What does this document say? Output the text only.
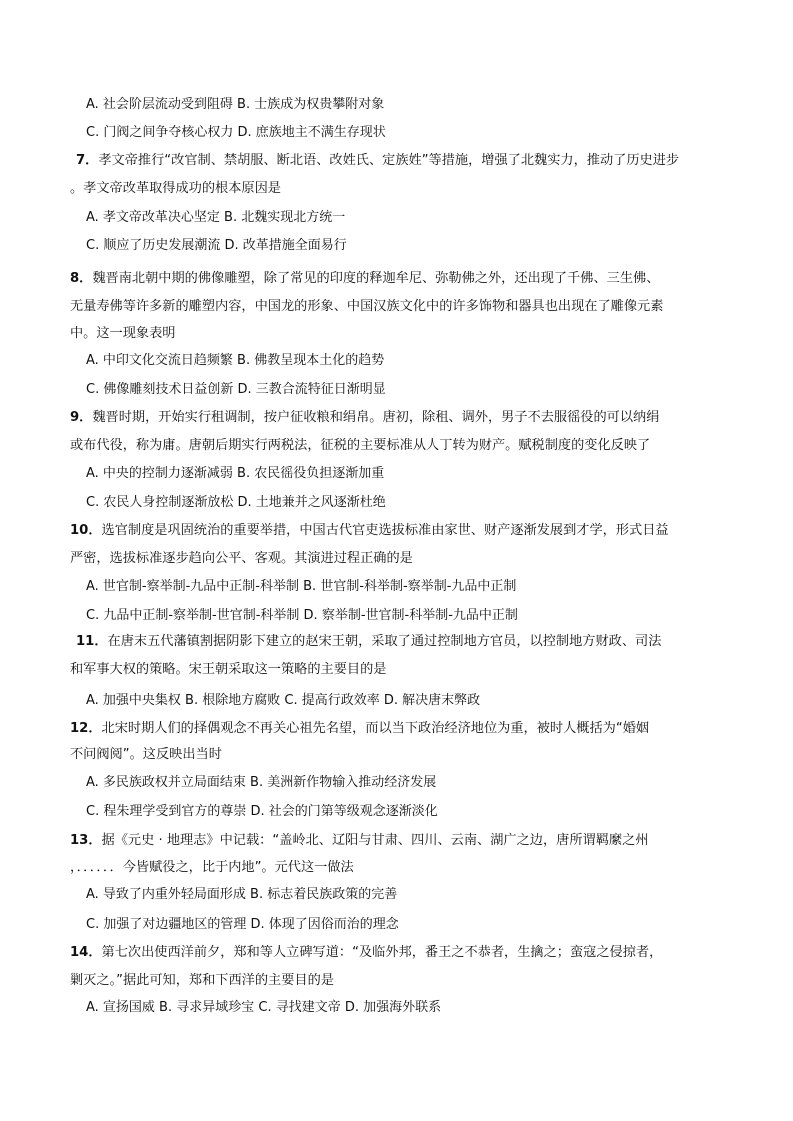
A. 社会阶层流动受到阻碍 B. 士族成为权贵攀附对象
C. 门阀之间争夺核心权力 D. 庶族地主不满生存现状
7．孝文帝推行“改官制、禁胡服、断北语、改姓氏、定族姓”等措施，增强了北魏实力，推动了历史进步
。孝文帝改革取得成功的根本原因是
A. 孝文帝改革决心坚定 B. 北魏实现北方统一
C. 顺应了历史发展潮流 D. 改革措施全面易行
8．魏晋南北朝中期的佛像雕塑，除了常见的印度的释迦牟尼、弥勒佛之外，还出现了千佛、三生佛、
无量寿佛等许多新的雕塑内容，中国龙的形象、中国汉族文化中的许多饰物和器具也出现在了雕像元素
中。这一现象表明
A. 中印文化交流日趋频繁 B. 佛教呈现本土化的趋势
C. 佛像雕刻技术日益创新 D. 三教合流特征日渐明显
9．魏晋时期，开始实行租调制，按户征收粮和绢帛。唐初，除租、调外，男子不去服徭役的可以纳绢
或布代役，称为庸。唐朝后期实行两税法，征税的主要标准从人丁转为财产。赋税制度的变化反映了
A. 中央的控制力逐渐减弱 B. 农民徭役负担逐渐加重
C. 农民人身控制逐渐放松 D. 土地兼并之风逐渐杜绝
10．选官制度是巩固统治的重要举措，中国古代官吏选拔标准由家世、财产逐渐发展到才学，形式日益
严密，选拔标准逐步趋向公平、客观。其演进过程正确的是
A. 世官制-察举制-九品中正制-科举制 B. 世官制-科举制-察举制-九品中正制
C. 九品中正制-察举制-世官制-科举制 D. 察举制-世官制-科举制-九品中正制
11．在唐末五代藩镇割据阴影下建立的赵宋王朝，采取了通过控制地方官员，以控制地方财政、司法
和军事大权的策略。宋王朝采取这一策略的主要目的是
A. 加强中央集权 B. 根除地方腐败 C. 提高行政效率 D. 解决唐末弊政
12．北宋时期人们的择偶观念不再关心祖先名望，而以当下政治经济地位为重，被时人概括为“婚姻
不问阀阅”。这反映出当时
A. 多民族政权并立局面结束 B. 美洲新作物输入推动经济发展
C. 程朱理学受到官方的尊崇 D. 社会的门第等级观念逐渐淡化
13．据《元史 · 地理志》中记载：“盖岭北、辽阳与甘肃、四川、云南、湖广之边，唐所谓羁縻之州
，．．．．．．今皆赋役之，比于内地”。元代这一做法
A. 导致了内重外轻局面形成 B. 标志着民族政策的完善
C. 加强了对边疆地区的管理 D. 体现了因俗而治的理念
14．第七次出使西洋前夕，郑和等人立碑写道：“及临外邦，番王之不恭者，生擒之；蛮寇之侵掠者，
剿灭之。”据此可知，郑和下西洋的主要目的是
A. 宣扬国威 B. 寻求异域珍宝 C. 寻找建文帝 D. 加强海外联系
